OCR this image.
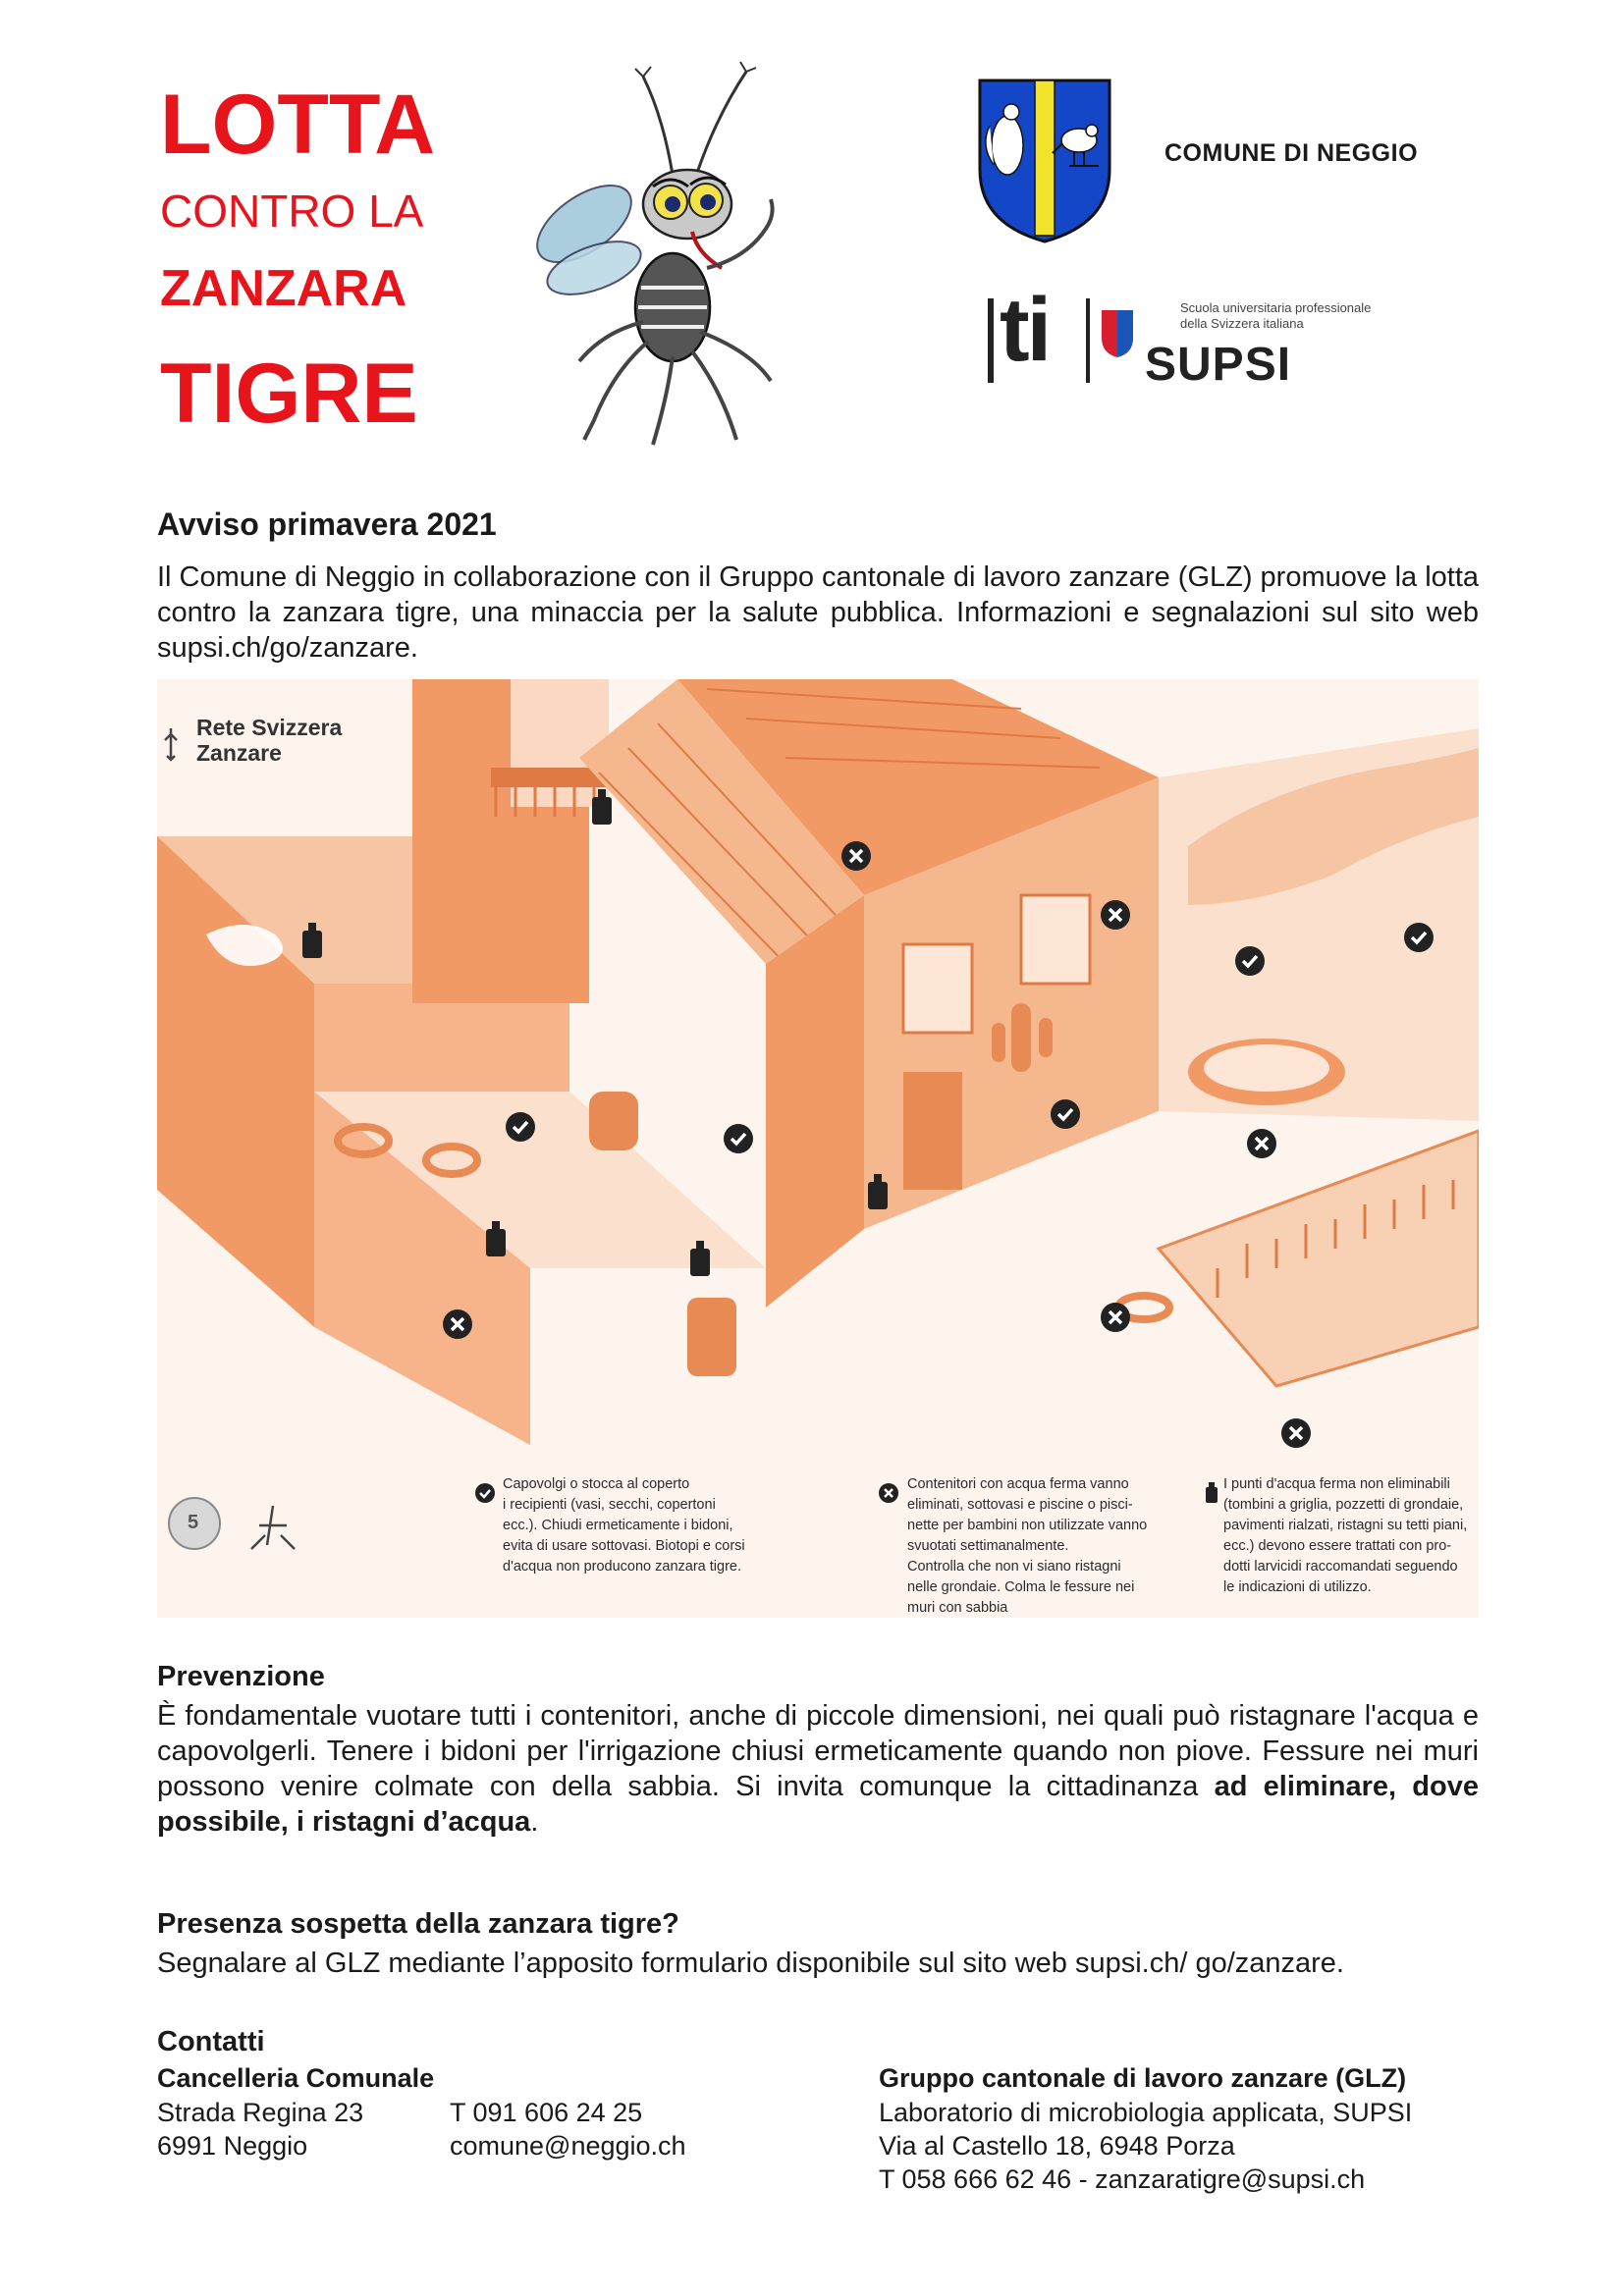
LOTTA
CONTRO LA
ZANZARA
TIGRE
COMUNE DI NEGGIO
ti SUPSI
Scuola universitaria professionale
della Svizzera italiana
Avviso primavera 2021
Il Comune di Neggio in collaborazione con il Gruppo cantonale di lavoro zanzare (GLZ) promuove la lotta contro la zanzara tigre, una minaccia per la salute pubblica. Informazioni e segnalazioni sul sito web supsi.ch/go/zanzare.
Rete Svizzera
Zanzare
5
Capovolgi o stocca al coperto
i recipienti (vasi, secchi, copertoni
ecc.). Chiudi ermeticamente i bidoni,
evita di usare sottovasi. Biotopi e corsi
d'acqua non producono zanzara tigre.
Contenitori con acqua ferma vanno
eliminati, sottovasi e piscine o pisci-
nette per bambini non utilizzate vanno
svuotati settimanalmente.
Controlla che non vi siano ristagni
nelle grondaie. Colma le fessure nei
muri con sabbia
I punti d'acqua ferma non eliminabili
(tombini a griglia, pozzetti di grondaie,
pavimenti rialzati, ristagni su tetti piani,
ecc.) devono essere trattati con pro-
dotti larvicidi raccomandati seguendo
le indicazioni di utilizzo.
Prevenzione
È fondamentale vuotare tutti i contenitori, anche di piccole dimensioni, nei quali può ristagnare l'acqua e capovolgerli. Tenere i bidoni per l'irrigazione chiusi ermeticamente quando non piove. Fessure nei muri possono venire colmate con della sabbia. Si invita comunque la cittadinanza ad eliminare, dove possibile, i ristagni d’acqua.
Presenza sospetta della zanzara tigre?
Segnalare al GLZ mediante l’apposito formulario disponibile sul sito web supsi.ch/ go/zanzare.
Contatti
Cancelleria Comunale
Strada Regina 23
6991 Neggio
T 091 606 24 25
comune@neggio.ch
Gruppo cantonale di lavoro zanzare (GLZ)
Laboratorio di microbiologia applicata, SUPSI
Via al Castello 18, 6948 Porza
T 058 666 62 46 - zanzaratigre@supsi.ch
